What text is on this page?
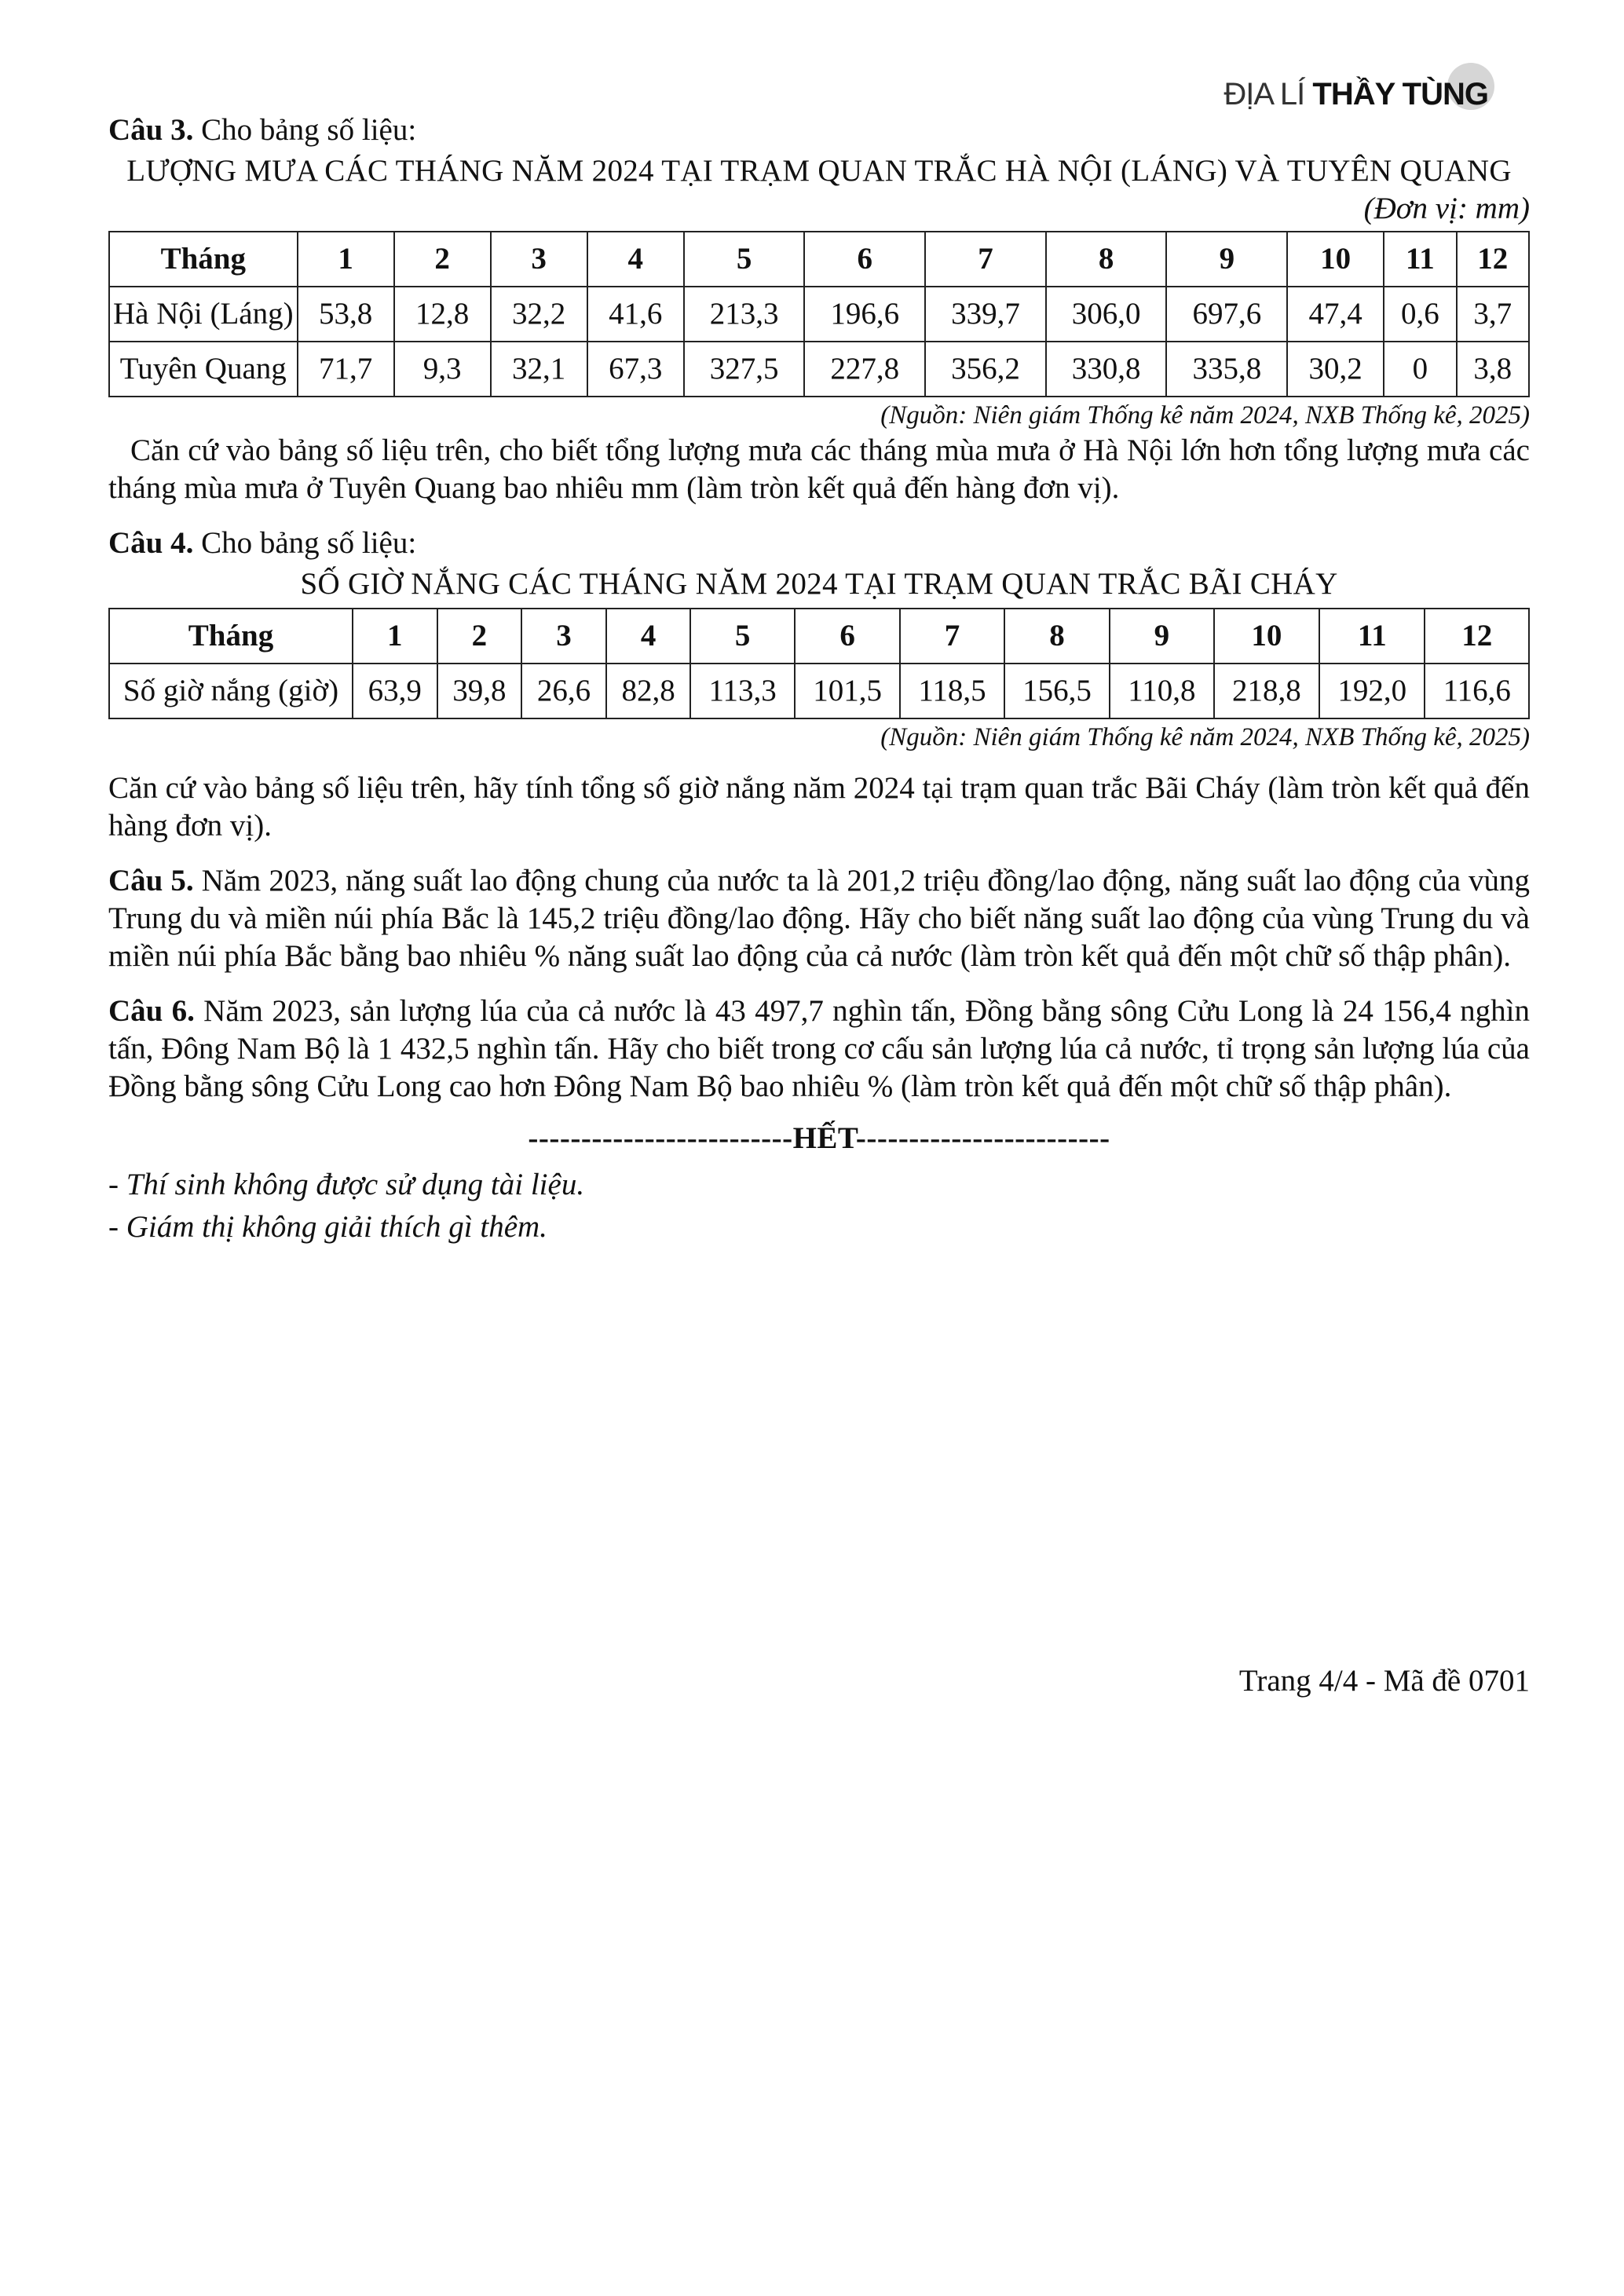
ĐỊA LÍ THẦY TÙNG

Câu 3. Cho bảng số liệu:

LƯỢNG MƯA CÁC THÁNG NĂM 2024 TẠI TRẠM QUAN TRẮC HÀ NỘI (LÁNG) VÀ TUYÊN QUANG

(Đơn vị: mm)

Tháng	1	2	3	4	5	6	7	8	9	10	11	12
Hà Nội (Láng)	53,8	12,8	32,2	41,6	213,3	196,6	339,7	306,0	697,6	47,4	0,6	3,7
Tuyên Quang	71,7	9,3	32,1	67,3	327,5	227,8	356,2	330,8	335,8	30,2	0	3,8

(Nguồn: Niên giám Thống kê năm 2024, NXB Thống kê, 2025)

Căn cứ vào bảng số liệu trên, cho biết tổng lượng mưa các tháng mùa mưa ở Hà Nội lớn hơn tổng lượng mưa các tháng mùa mưa ở Tuyên Quang bao nhiêu mm (làm tròn kết quả đến hàng đơn vị).

Câu 4. Cho bảng số liệu:

SỐ GIỜ NẮNG CÁC THÁNG NĂM 2024 TẠI TRẠM QUAN TRẮC BÃI CHÁY

Tháng	1	2	3	4	5	6	7	8	9	10	11	12
Số giờ nắng (giờ)	63,9	39,8	26,6	82,8	113,3	101,5	118,5	156,5	110,8	218,8	192,0	116,6

(Nguồn: Niên giám Thống kê năm 2024, NXB Thống kê, 2025)

Căn cứ vào bảng số liệu trên, hãy tính tổng số giờ nắng năm 2024 tại trạm quan trắc Bãi Cháy (làm tròn kết quả đến hàng đơn vị).

Câu 5. Năm 2023, năng suất lao động chung của nước ta là 201,2 triệu đồng/lao động, năng suất lao động của vùng Trung du và miền núi phía Bắc là 145,2 triệu đồng/lao động. Hãy cho biết năng suất lao động của vùng Trung du và miền núi phía Bắc bằng bao nhiêu % năng suất lao động của cả nước (làm tròn kết quả đến một chữ số thập phân).

Câu 6. Năm 2023, sản lượng lúa của cả nước là 43 497,7 nghìn tấn, Đồng bằng sông Cửu Long là 24 156,4 nghìn tấn, Đông Nam Bộ là 1 432,5 nghìn tấn. Hãy cho biết trong cơ cấu sản lượng lúa cả nước, tỉ trọng sản lượng lúa của Đồng bằng sông Cửu Long cao hơn Đông Nam Bộ bao nhiêu % (làm tròn kết quả đến một chữ số thập phân).

-------------------------HẾT------------------------

- Thí sinh không được sử dụng tài liệu.

- Giám thị không giải thích gì thêm.

Trang 4/4 - Mã đề 0701
